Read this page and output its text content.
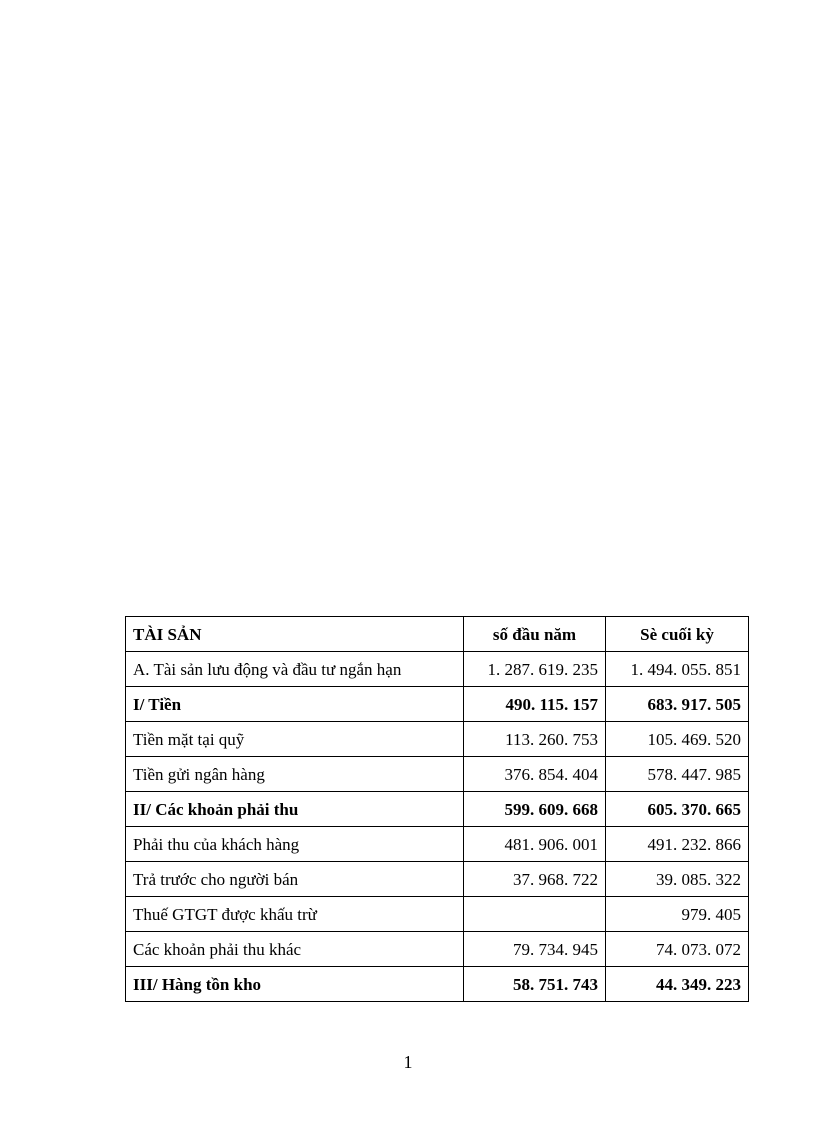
TÀI SẢN	số đầu năm	Sè cuối kỳ
A. Tài sản lưu động và đầu tư ngắn hạn	1. 287. 619. 235	1. 494. 055. 851
I/ Tiền	490. 115. 157	683. 917. 505
Tiền mặt tại quỹ	113. 260. 753	105. 469. 520
Tiền gửi ngân hàng	376. 854. 404	578. 447. 985
II/ Các khoản phải thu	599. 609. 668	605. 370. 665
Phải thu của khách hàng	481. 906. 001	491. 232. 866
Trả trước cho người bán	37. 968. 722	39. 085. 322
Thuế GTGT được khấu trừ		979. 405
Các khoản phải thu khác	79. 734. 945	74. 073. 072
III/ Hàng tồn kho	58. 751. 743	44. 349. 223
1
